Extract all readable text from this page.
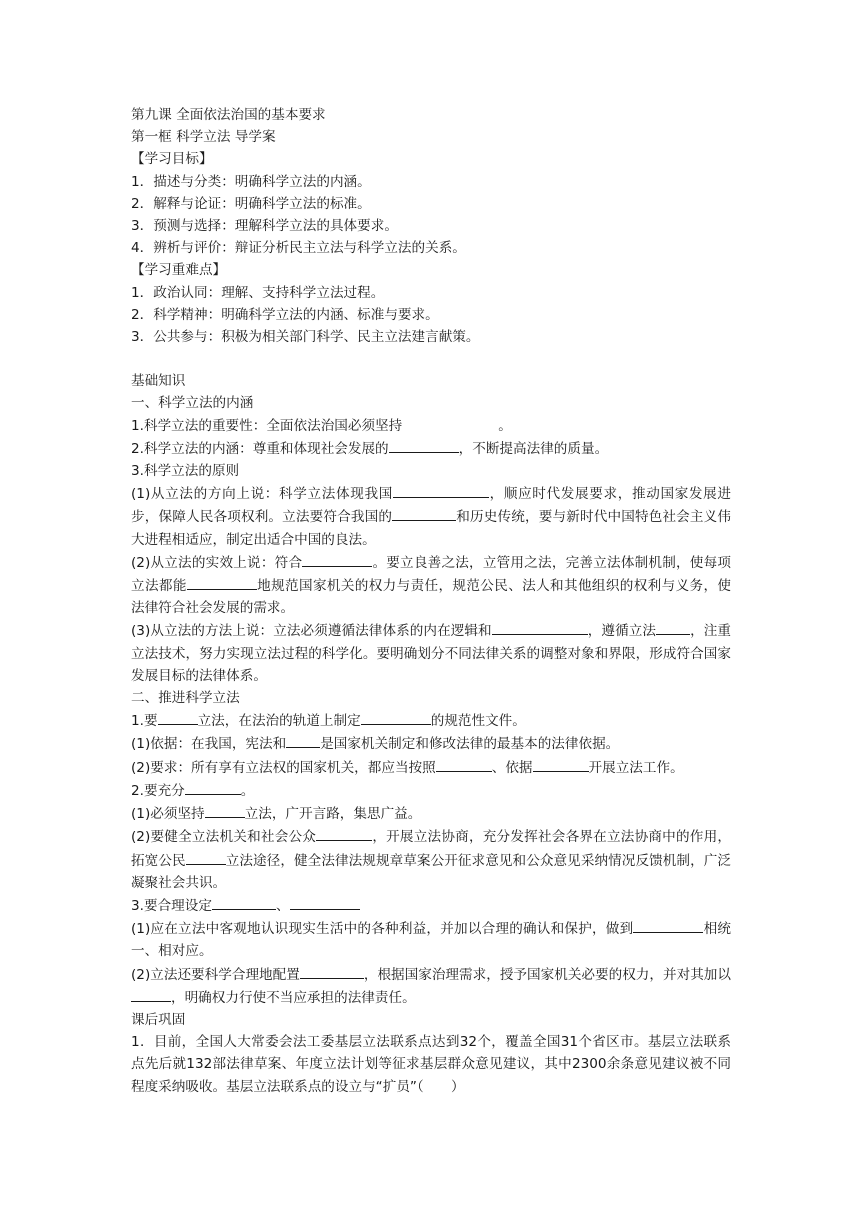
第九课 全面依法治国的基本要求

第一框 科学立法 导学案

【学习目标】

1．描述与分类：明确科学立法的内涵。

2．解释与论证：明确科学立法的标准。

3．预测与选择：理解科学立法的具体要求。

4．辨析与评价：辩证分析民主立法与科学立法的关系。

【学习重难点】

1．政治认同：理解、支持科学立法过程。

2．科学精神：明确科学立法的内涵、标准与要求。

3．公共参与：积极为相关部门科学、民主立法建言献策。

基础知识

一、科学立法的内涵

1.科学立法的重要性：全面依法治国必须坚持	。

2.科学立法的内涵：尊重和体现社会发展的	，不断提高法律的质量。

3.科学立法的原则

(1)从立法的方向上说：科学立法体现我国	，顺应时代发展要求，推动国家发展进步，保障人民各项权利。立法要符合我国的	和历史传统，要与新时代中国特色社会主义伟大进程相适应，制定出适合中国的良法。

(2)从立法的实效上说：符合	。要立良善之法，立管用之法，完善立法体制机制，使每项立法都能	地规范国家机关的权力与责任，规范公民、法人和其他组织的权利与义务，使法律符合社会发展的需求。

(3)从立法的方法上说：立法必须遵循法律体系的内在逻辑和	，遵循立法	，注重立法技术，努力实现立法过程的科学化。要明确划分不同法律关系的调整对象和界限，形成符合国家发展目标的法律体系。

二、推进科学立法

1.要	立法，在法治的轨道上制定	的规范性文件。

(1)依据：在我国，宪法和	是国家机关制定和修改法律的最基本的法律依据。

(2)要求：所有享有立法权的国家机关，都应当按照	、依据	开展立法工作。

2.要充分	。

(1)必须坚持	立法，广开言路，集思广益。

(2)要健全立法机关和社会公众	，开展立法协商，充分发挥社会各界在立法协商中的作用，拓宽公民	立法途径，健全法律法规规章草案公开征求意见和公众意见采纳情况反馈机制，广泛凝聚社会共识。

3.要合理设定	、

(1)应在立法中客观地认识现实生活中的各种利益，并加以合理的确认和保护，做到	相统一、相对应。

(2)立法还要科学合理地配置	，根据国家治理需求，授予国家机关必要的权力，并对其加以，明确权力行使不当应承担的法律责任。

课后巩固

1．目前，全国人大常委会法工委基层立法联系点达到32个，覆盖全国31个省区市。基层立法联系点先后就132部法律草案、年度立法计划等征求基层群众意见建议，其中2300余条意见建议被不同程度采纳吸收。基层立法联系点的设立与“扩员”（　　）
